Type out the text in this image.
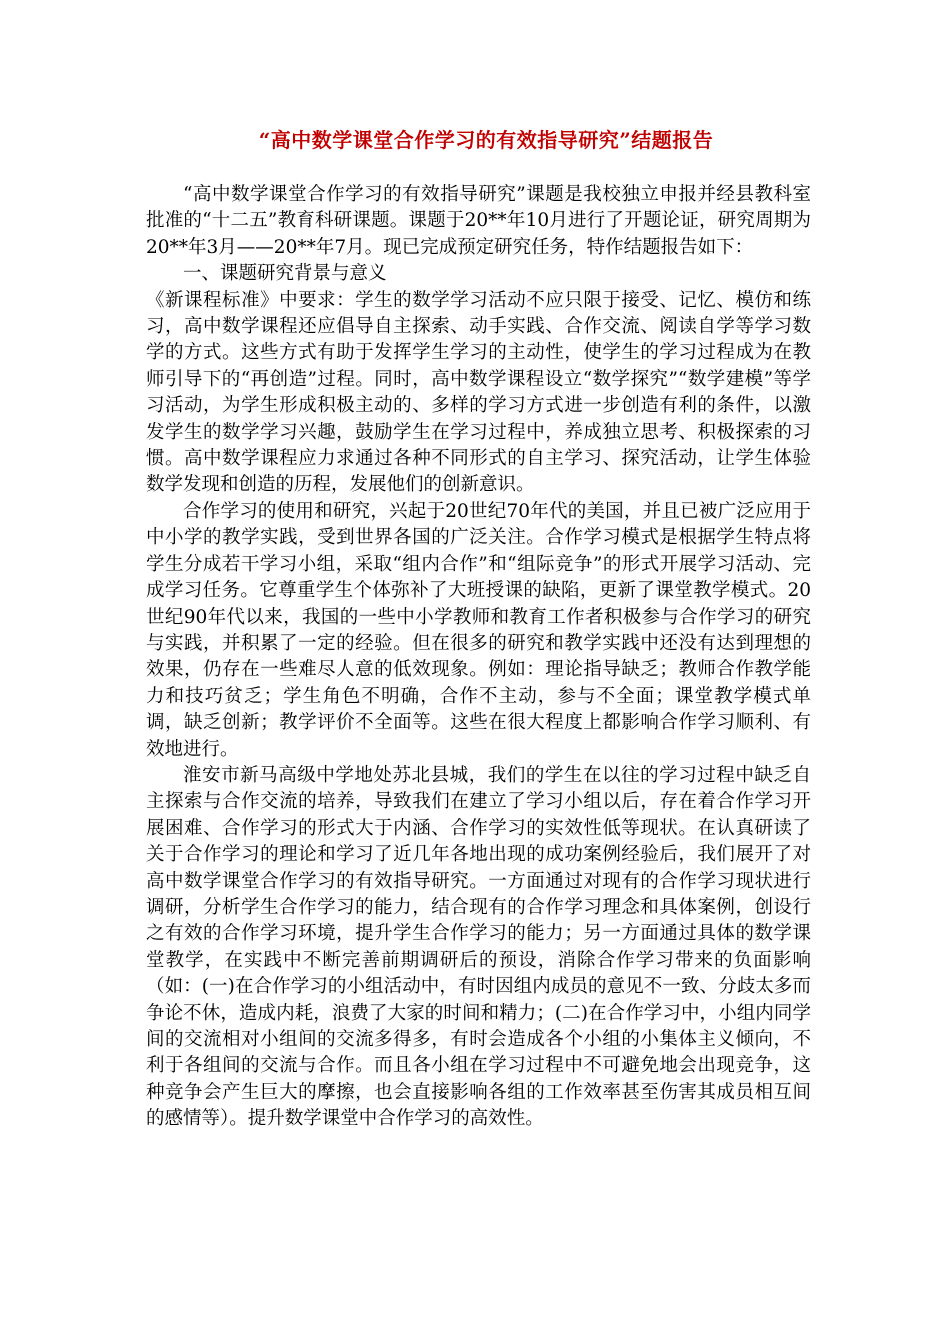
“高中数学课堂合作学习的有效指导研究”结题报告

“高中数学课堂合作学习的有效指导研究”课题是我校独立申报并经县教科室批准的“十二五”教育科研课题。课题于20**年10月进行了开题论证，研究周期为20**年3月——20**年7月。现已完成预定研究任务，特作结题报告如下：

一、课题研究背景与意义

《新课程标准》中要求：学生的数学学习活动不应只限于接受、记忆、模仿和练习，高中数学课程还应倡导自主探索、动手实践、合作交流、阅读自学等学习数学的方式。这些方式有助于发挥学生学习的主动性，使学生的学习过程成为在教师引导下的“再创造”过程。同时，高中数学课程设立“数学探究”“数学建模”等学习活动，为学生形成积极主动的、多样的学习方式进一步创造有利的条件，以激发学生的数学学习兴趣，鼓励学生在学习过程中，养成独立思考、积极探索的习惯。高中数学课程应力求通过各种不同形式的自主学习、探究活动，让学生体验数学发现和创造的历程，发展他们的创新意识。

合作学习的使用和研究，兴起于20世纪70年代的美国，并且已被广泛应用于中小学的教学实践，受到世界各国的广泛关注。合作学习模式是根据学生特点将学生分成若干学习小组，采取“组内合作”和“组际竞争”的形式开展学习活动、完成学习任务。它尊重学生个体弥补了大班授课的缺陷，更新了课堂教学模式。20世纪90年代以来，我国的一些中小学教师和教育工作者积极参与合作学习的研究与实践，并积累了一定的经验。但在很多的研究和教学实践中还没有达到理想的效果，仍存在一些难尽人意的低效现象。例如：理论指导缺乏；教师合作教学能力和技巧贫乏；学生角色不明确，合作不主动，参与不全面；课堂教学模式单调，缺乏创新；教学评价不全面等。这些在很大程度上都影响合作学习顺利、有效地进行。

淮安市新马高级中学地处苏北县城，我们的学生在以往的学习过程中缺乏自主探索与合作交流的培养，导致我们在建立了学习小组以后，存在着合作学习开展困难、合作学习的形式大于内涵、合作学习的实效性低等现状。在认真研读了关于合作学习的理论和学习了近几年各地出现的成功案例经验后，我们展开了对高中数学课堂合作学习的有效指导研究。一方面通过对现有的合作学习现状进行调研，分析学生合作学习的能力，结合现有的合作学习理念和具体案例，创设行之有效的合作学习环境，提升学生合作学习的能力；另一方面通过具体的数学课堂教学，在实践中不断完善前期调研后的预设，消除合作学习带来的负面影响（如：(一)在合作学习的小组活动中，有时因组内成员的意见不一致、分歧太多而争论不休，造成内耗，浪费了大家的时间和精力；(二)在合作学习中，小组内同学间的交流相对小组间的交流多得多，有时会造成各个小组的小集体主义倾向，不利于各组间的交流与合作。而且各小组在学习过程中不可避免地会出现竞争，这种竞争会产生巨大的摩擦，也会直接影响各组的工作效率甚至伤害其成员相互间的感情等）。提升数学课堂中合作学习的高效性。
